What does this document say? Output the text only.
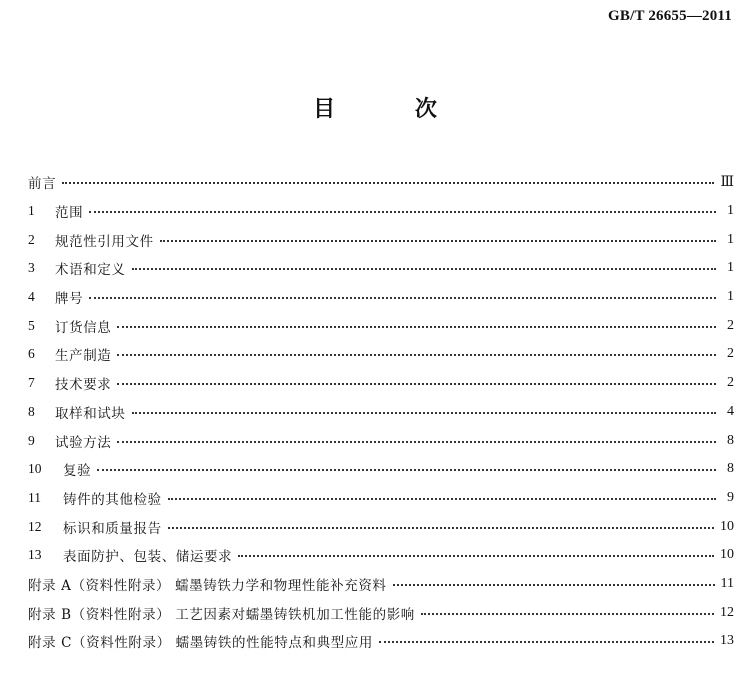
GB/T 26655—2011
目 次
前言	Ⅲ
1	范围	1
2	规范性引用文件	1
3	术语和定义	1
4	牌号	1
5	订货信息	2
6	生产制造	2
7	技术要求	2
8	取样和试块	4
9	试验方法	8
10	复验	8
11	铸件的其他检验	9
12	标识和质量报告	10
13	表面防护、包装、储运要求	10
附录 A（资料性附录） 蠕墨铸铁力学和物理性能补充资料	11
附录 B（资料性附录） 工艺因素对蠕墨铸铁机加工性能的影响	12
附录 C（资料性附录） 蠕墨铸铁的性能特点和典型应用	13
